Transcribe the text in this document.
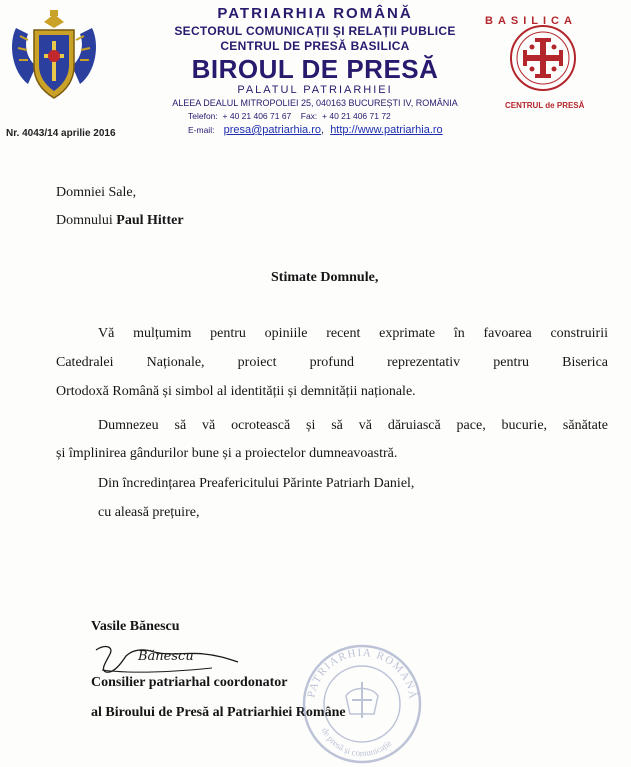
PATRIARHIA ROMÂNĂ
SECTORUL COMUNICAȚII ȘI RELAȚII PUBLICE
CENTRUL DE PRESĂ BASILICA
BIROUL DE PRESĂ
PALATUL PATRIARHIEI
ALEEA DEALUL MITROPOLIEI 25, 040163 BUCUREȘTI IV, ROMÂNIA
Telefon: + 40 21 406 71 67 Fax: + 40 21 406 71 72
E-mail: presa@patriarhia.ro,  http://www.patriarhia.ro
BASILICA
CENTRUL de PRESĂ
Nr. 4043/14 aprilie 2016
Domniei Sale,
Domnului Paul Hitter
Stimate Domnule,
Vă mulțumim pentru opiniile recent exprimate în favoarea construirii
Catedralei Naționale, proiect profund reprezentativ pentru Biserica
Ortodoxă Română și simbol al identității și demnității naționale.
Dumnezeu să vă ocrotească și să vă dăruiască pace, bucurie, sănătate
și împlinirea gândurilor bune și a proiectelor dumneavoastră.
Din încredințarea Preafericitului Părinte Patriarh Daniel,
cu aleasă prețuire,
Vasile Bănescu
Bănescu
Consilier patriarhal coordonator
al Biroului de Presă al Patriarhiei Române
PATRIARHIA ROMÂNĂ
de presă și comunicație
